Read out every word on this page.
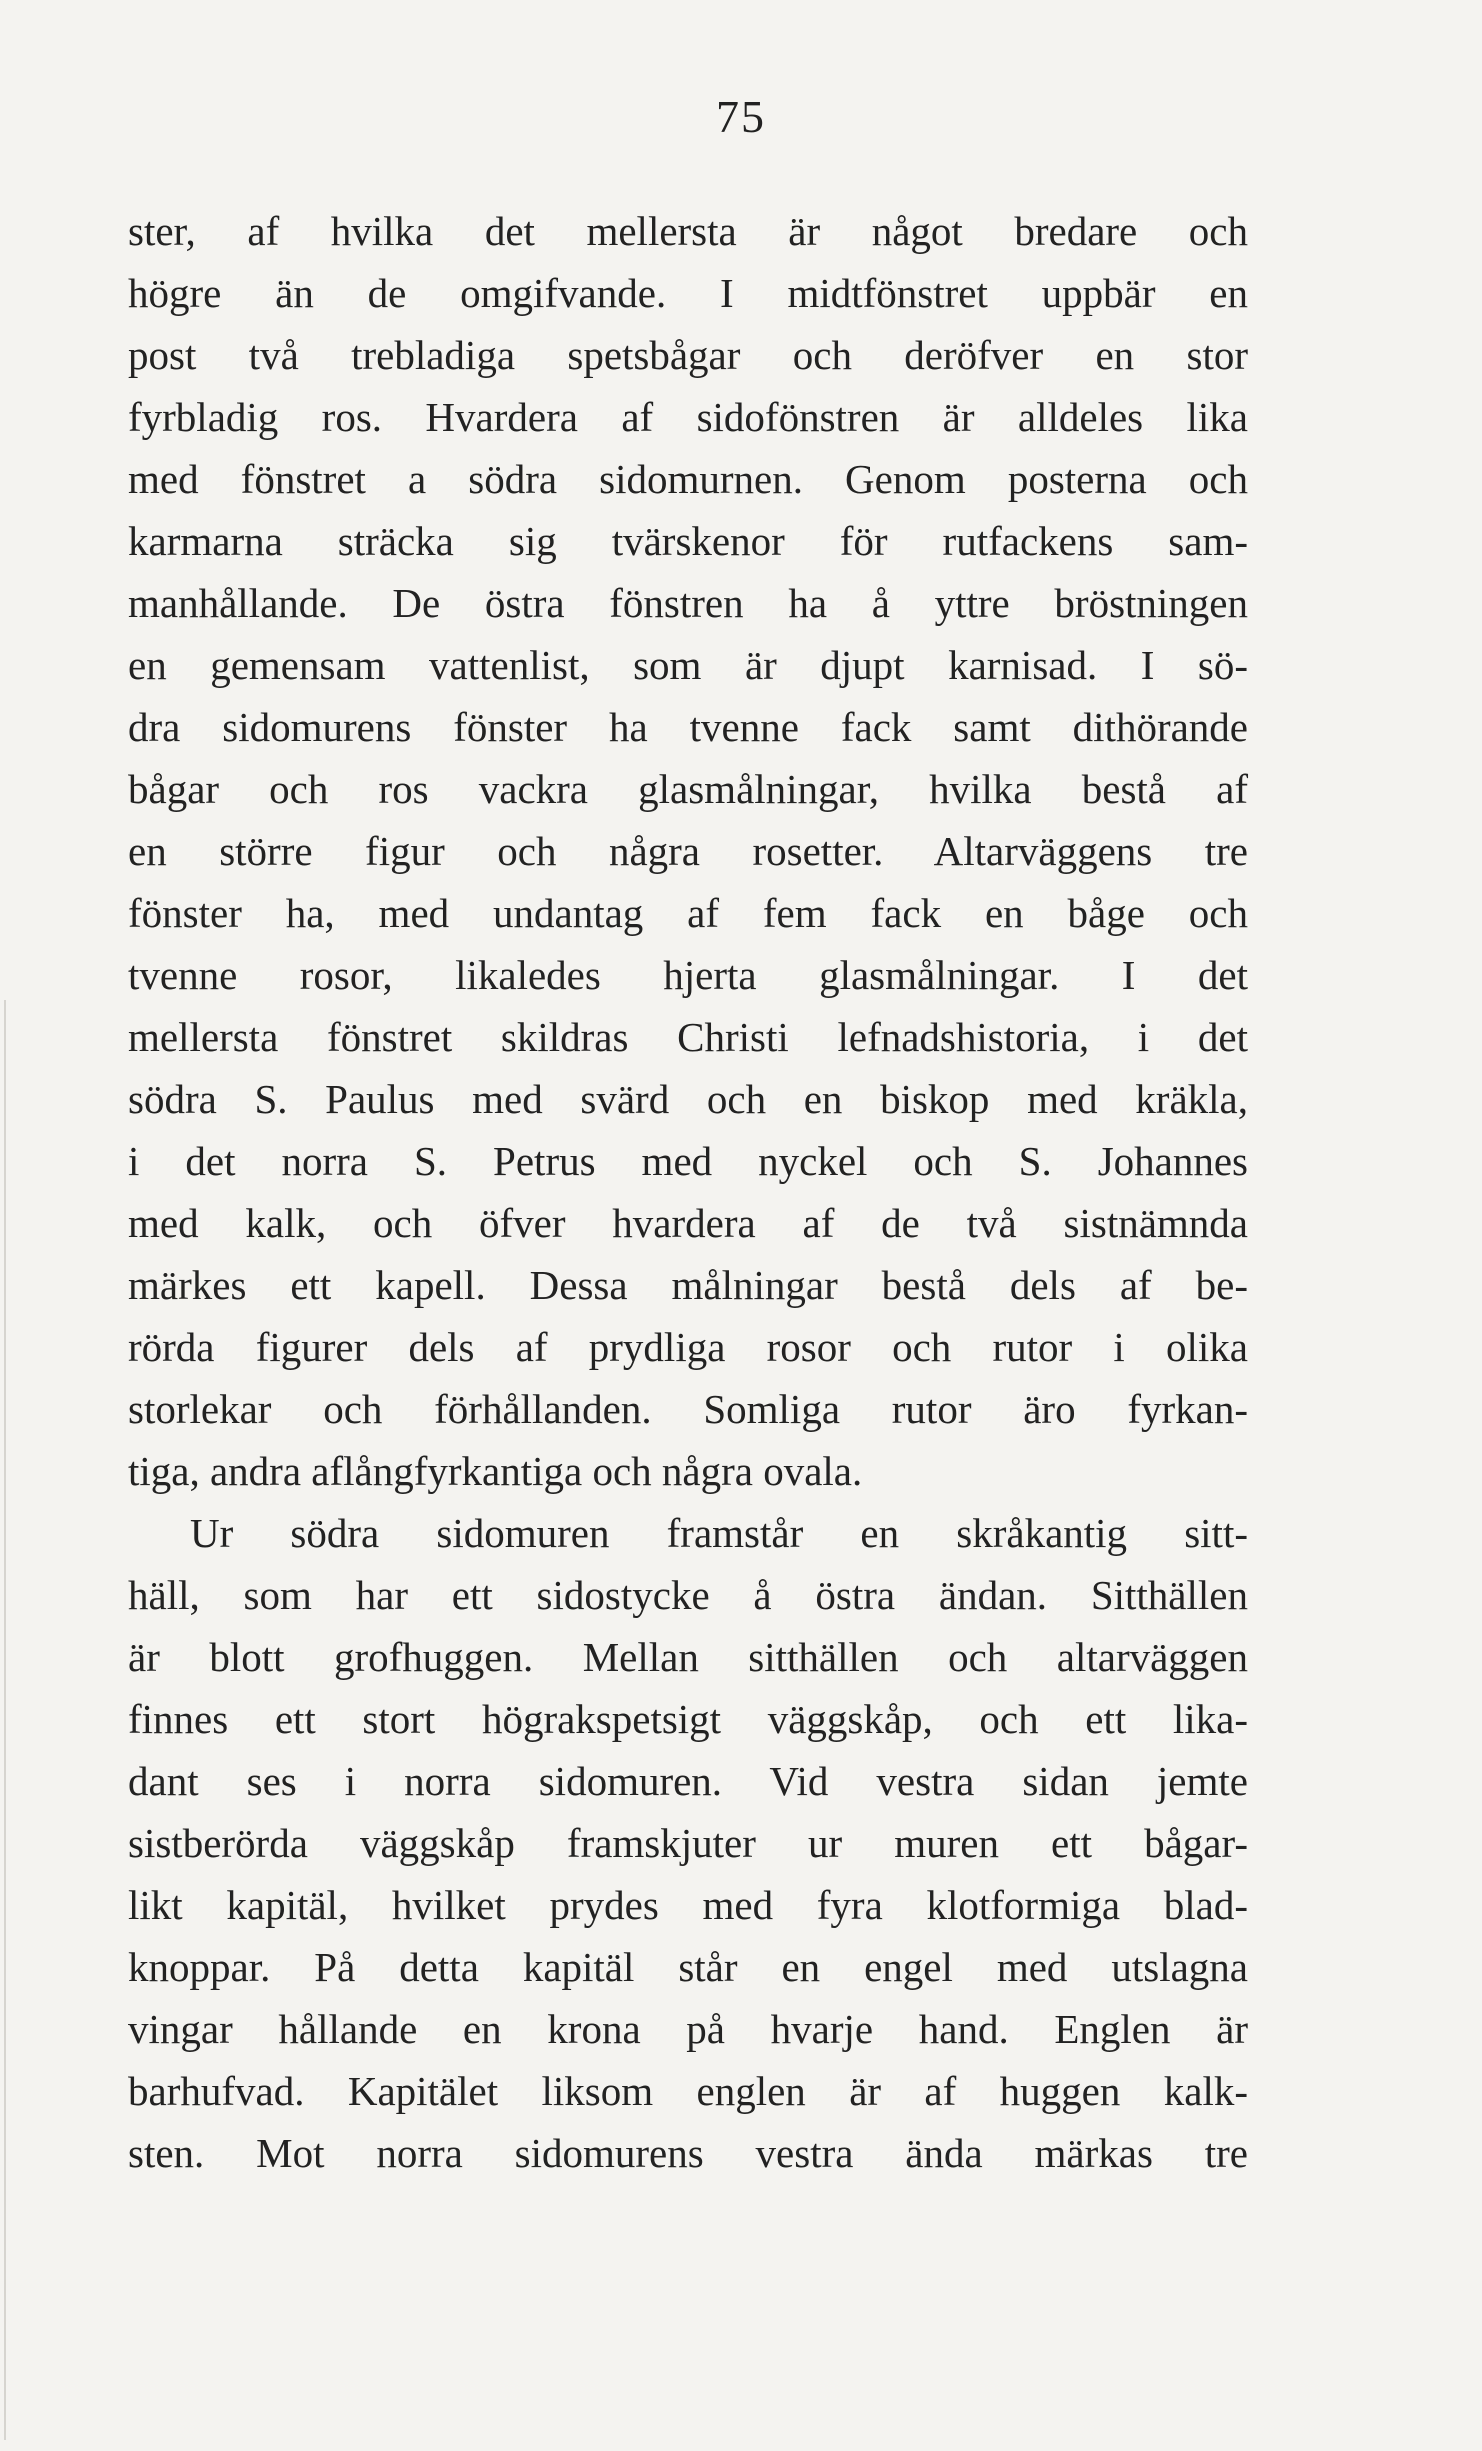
75
ster, af hvilka det mellersta är något bredare och
högre än de omgifvande. I midtfönstret uppbär en
post två trebladiga spetsbågar och deröfver en stor
fyrbladig ros. Hvardera af sidofönstren är alldeles lika
med fönstret a södra sidomurnen. Genom posterna och
karmarna sträcka sig tvärskenor för rutfackens sam-
manhållande. De östra fönstren ha å yttre bröstningen
en gemensam vattenlist, som är djupt karnisad. I sö-
dra sidomurens fönster ha tvenne fack samt dithörande
bågar och ros vackra glasmålningar, hvilka bestå af
en större figur och några rosetter. Altarväggens tre
fönster ha, med undantag af fem fack en båge och
tvenne rosor, likaledes hjerta glasmålningar. I det
mellersta fönstret skildras Christi lefnadshistoria, i det
södra S. Paulus med svärd och en biskop med kräkla,
i det norra S. Petrus med nyckel och S. Johannes
med kalk, och öfver hvardera af de två sistnämnda
märkes ett kapell. Dessa målningar bestå dels af be-
rörda figurer dels af prydliga rosor och rutor i olika
storlekar och förhållanden. Somliga rutor äro fyrkan-
tiga, andra aflångfyrkantiga och några ovala.
Ur södra sidomuren framstår en skråkantig sitt-
häll, som har ett sidostycke å östra ändan. Sitthällen
är blott grofhuggen. Mellan sitthällen och altarväggen
finnes ett stort högrakspetsigt väggskåp, och ett lika-
dant ses i norra sidomuren. Vid vestra sidan jemte
sistberörda väggskåp framskjuter ur muren ett bågar-
likt kapitäl, hvilket prydes med fyra klotformiga blad-
knoppar. På detta kapitäl står en engel med utslagna
vingar hållande en krona på hvarje hand. Englen är
barhufvad. Kapitälet liksom englen är af huggen kalk-
sten. Mot norra sidomurens vestra ända märkas tre
